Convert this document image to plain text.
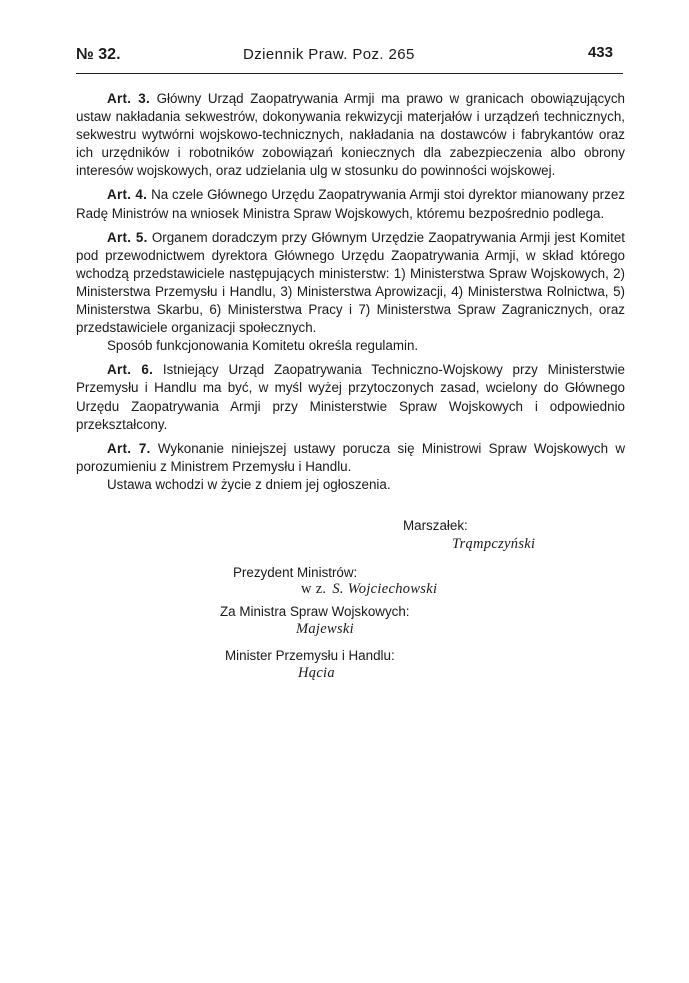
№ 32.	Dziennik Praw. Poz. 265	433

Art. 3. Główny Urząd Zaopatrywania Armji ma prawo w granicach obowiązujących ustaw nakładania sekwestrów, dokonywania rekwizycji materjałów i urządzeń technicznych, sekwestru wytwórni wojskowo-technicznych, nakładania na dostawców i fabrykantów oraz ich urzędników i robotników zobowiązań koniecznych dla zabezpieczenia albo obrony interesów wojskowych, oraz udzielania ulg w stosunku do powinności wojskowej.

Art. 4. Na czele Głównego Urzędu Zaopatrywania Armji stoi dyrektor mianowany przez Radę Ministrów na wniosek Ministra Spraw Wojskowych, któremu bezpośrednio podlega.

Art. 5. Organem doradczym przy Głównym Urzędzie Zaopatrywania Armji jest Komitet pod przewodnictwem dyrektora Głównego Urzędu Zaopatrywania Armji, w skład którego wchodzą przedstawiciele następujących ministerstw: 1) Ministerstwa Spraw Wojskowych, 2) Ministerstwa Przemysłu i Handlu, 3) Ministerstwa Aprowizacji, 4) Ministerstwa Rolnictwa, 5) Ministerstwa Skarbu, 6) Ministerstwa Pracy i 7) Ministerstwa Spraw Zagranicznych, oraz przedstawiciele organizacji społecznych.

Sposób funkcjonowania Komitetu określa regulamin.

Art. 6. Istniejący Urząd Zaopatrywania Techniczno-Wojskowy przy Ministerstwie Przemysłu i Handlu ma być, w myśl wyżej przytoczonych zasad, wcielony do Głównego Urzędu Zaopatrywania Armji przy Ministerstwie Spraw Wojskowych i odpowiednio przekształcony.

Art. 7. Wykonanie niniejszej ustawy porucza się Ministrowi Spraw Wojskowych w porozumieniu z Ministrem Przemysłu i Handlu.

Ustawa wchodzi w życie z dniem jej ogłoszenia.

Marszałek:
Trąmpczyński
Prezydent Ministrów:
w z. S. Wojciechowski
Za Ministra Spraw Wojskowych:
Majewski
Minister Przemysłu i Handlu:
Hącia
